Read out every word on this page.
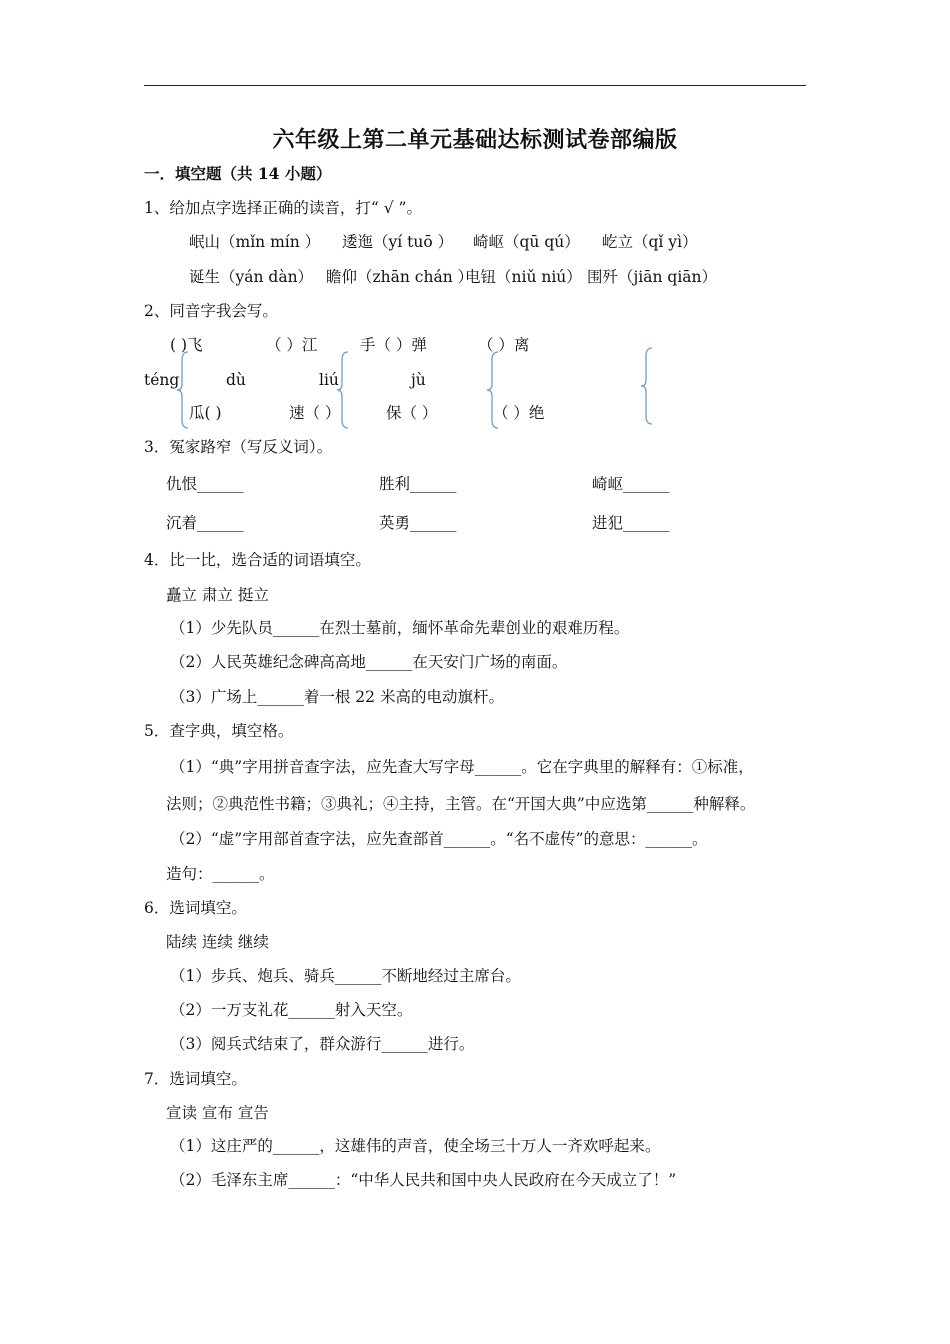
六年级上第二单元基础达标测试卷部编版
一．填空题（共 14 小题）
1、给加点字选择正确的读音，打“ √ ”。
岷山（mǐn mín ） 逶迤（yí tuō ） 崎岖（qū qú） 屹立（qǐ yì）
诞生（yán dàn） 瞻仰（zhān chán ）
电钮（niǔ niú） 围歼（jiān qiān）
2、同音字我会写。
( )飞	（ ）江	手（ ）弹	（ ）离
téng	dù	liú	jù
瓜( )	速（ ）	保（ ）	（ ）绝
3．冤家路窄（写反义词）。
仇恨______	胜利______	崎岖______
沉着______	英勇______	进犯______
4．比一比，选合适的词语填空。
矗立 肃立 挺立
（1）少先队员______在烈士墓前，缅怀革命先辈创业的艰难历程。
（2）人民英雄纪念碑高高地______在天安门广场的南面。
（3）广场上______着一根 22 米高的电动旗杆。
5．查字典，填空格。
（1）“典”字用拼音查字法，应先查大写字母______。它在字典里的解释有：①标准，
法则；②典范性书籍；③典礼；④主持，主管。在“开国大典”中应选第______种解释。
（2）“虚”字用部首查字法，应先查部首______。“名不虚传”的意思：______。
造句：______。
6．选词填空。
陆续 连续 继续
（1）步兵、炮兵、骑兵______不断地经过主席台。
（2）一万支礼花______射入天空。
（3）阅兵式结束了，群众游行______进行。
7．选词填空。
宣读 宣布 宣告
（1）这庄严的______，这雄伟的声音，使全场三十万人一齐欢呼起来。
（2）毛泽东主席______：“中华人民共和国中央人民政府在今天成立了！”
